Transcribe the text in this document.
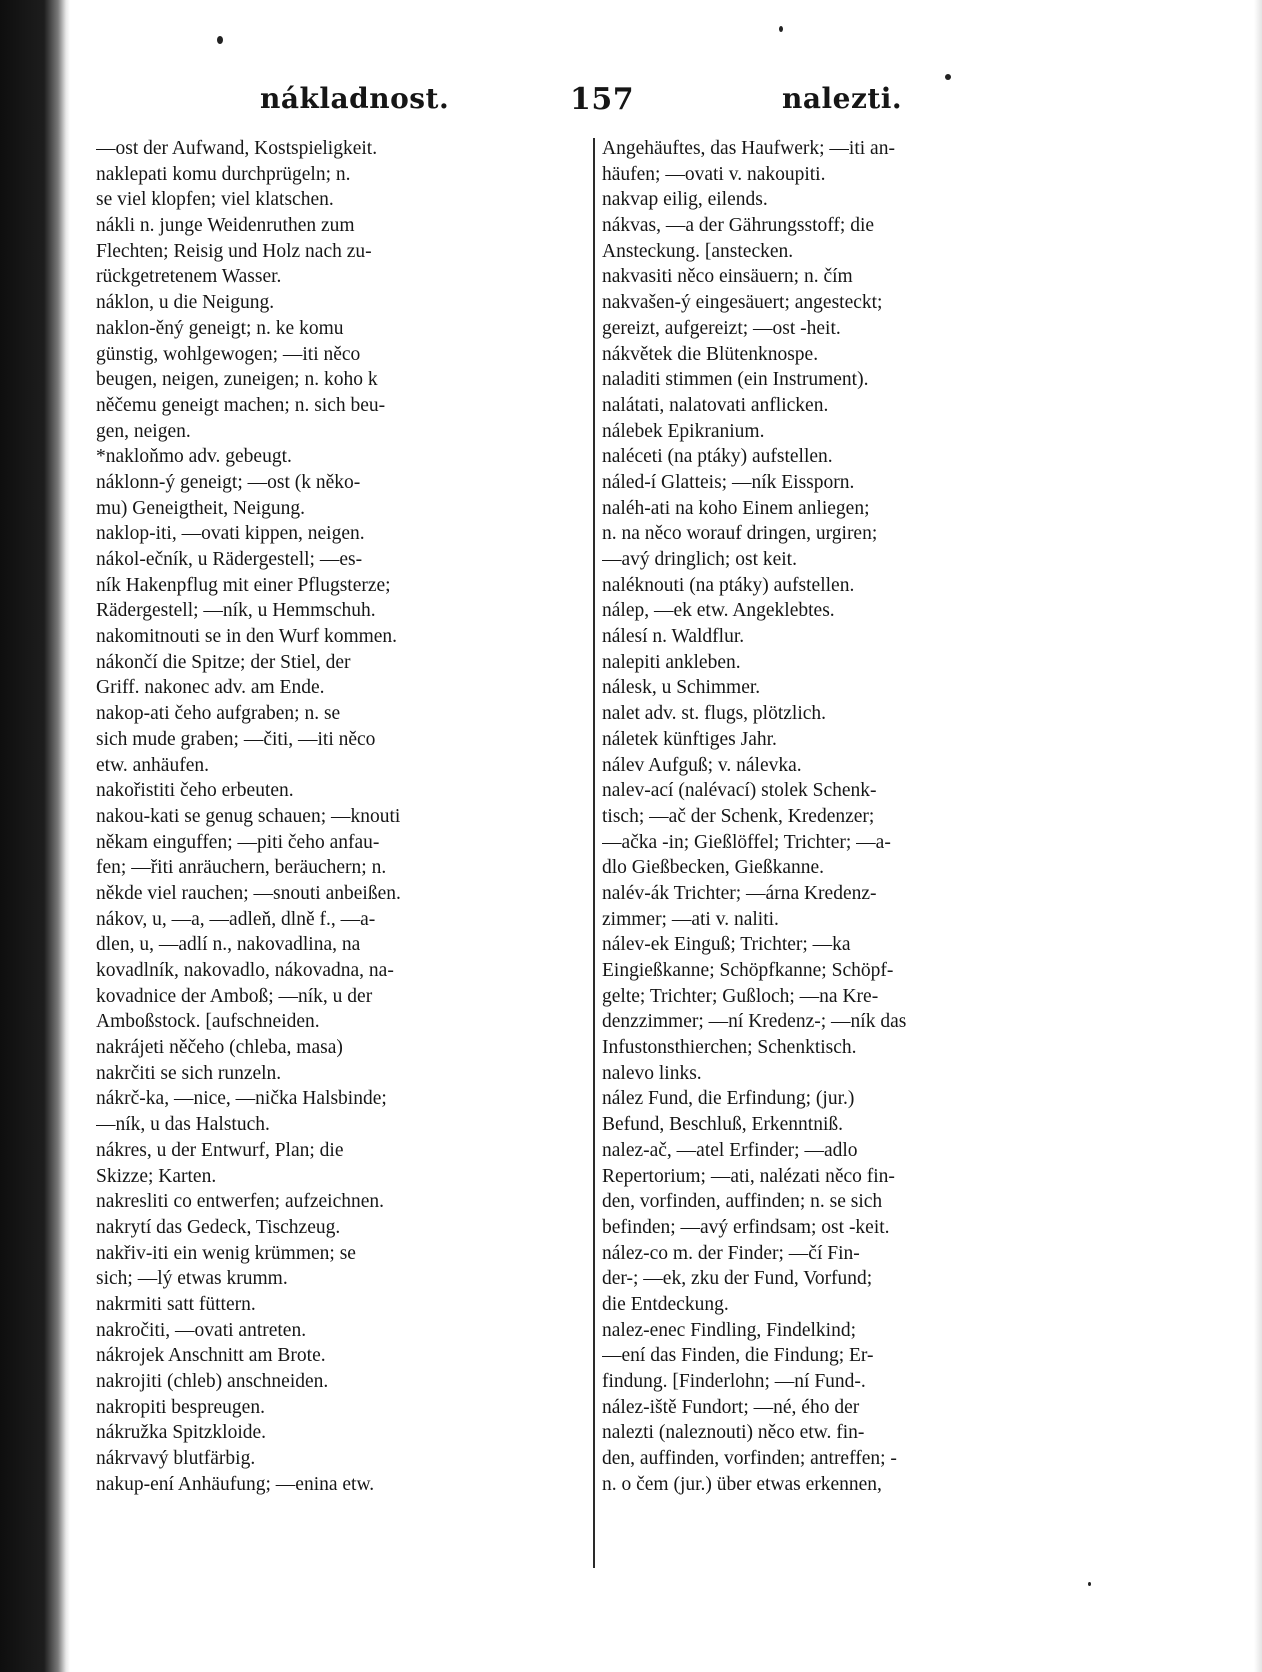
nákladnost.	157	nalezti.
—ost der Aufwand, Kostspieligkeit.
naklepati komu durchprügeln; n.
se viel klopfen; viel klatschen.
nákli n. junge Weidenruthen zum
Flechten; Reisig und Holz nach zu-
rückgetretenem Wasser.
náklon, u die Neigung.
naklon-ěný geneigt; n. ke komu
günstig, wohlgewogen; —iti něco
beugen, neigen, zuneigen; n. koho k
něčemu geneigt machen; n. sich beu-
gen, neigen.
*nakloňmo adv. gebeugt.
náklonn-ý geneigt; —ost (k něko-
mu) Geneigtheit, Neigung.
naklop-iti, —ovati kippen, neigen.
nákol-ečník, u Rädergestell; —es-
ník Hakenpflug mit einer Pflugsterze;
Rädergestell; —ník, u Hemmschuh.
nakomitnouti se in den Wurf kommen.
nákončí die Spitze; der Stiel, der
Griff. nakonec adv. am Ende.
nakop-ati čeho aufgraben; n. se
sich mude graben; —čiti, —iti něco
etw. anhäufen.
nakořistiti čeho erbeuten.
nakou-kati se genug schauen; —knouti
někam einguffen; —piti čeho anfau-
fen; —řiti anräuchern, beräuchern; n.
někde viel rauchen; —snouti anbeißen.
nákov, u, —a, —adleň, dlně f., —a-
dlen, u, —adlí n., nakovadlina, na
kovadlník, nakovadlo, nákovadna, na-
kovadnice der Amboß; —ník, u der
Amboßstock. [aufschneiden.
nakrájeti něčeho (chleba, masa)
nakrčiti se sich runzeln.
nákrč-ka, —nice, —nička Halsbinde;
—ník, u das Halstuch.
nákres, u der Entwurf, Plan; die
Skizze; Karten.
nakresliti co entwerfen; aufzeichnen.
nakrytí das Gedeck, Tischzeug.
nakřiv-iti ein wenig krümmen; se
sich; —lý etwas krumm.
nakrmiti satt füttern.
nakročiti, —ovati antreten.
nákrojek Anschnitt am Brote.
nakrojiti (chleb) anschneiden.
nakropiti bespreugen.
nákružka Spitzkloide.
nákrvavý blutfärbig.
nakup-ení Anhäufung; —enina etw.
Angehäuftes, das Haufwerk; —iti an-
häufen; —ovati v. nakoupiti.
nakvap eilig, eilends.
nákvas, —a der Gährungsstoff; die
Ansteckung. [anstecken.
nakvasiti něco einsäuern; n. čím
nakvašen-ý eingesäuert; angesteckt;
gereizt, aufgereizt; —ost -heit.
nákvětek die Blütenknospe.
naladiti stimmen (ein Instrument).
nalátati, nalatovati anflicken.
nálebek Epikranium.
naléceti (na ptáky) aufstellen.
náled-í Glatteis; —ník Eissporn.
naléh-ati na koho Einem anliegen;
n. na něco worauf dringen, urgiren;
—avý dringlich; ost keit.
naléknouti (na ptáky) aufstellen.
nálep, —ek etw. Angeklebtes.
nálesí n. Waldflur.
nalepiti ankleben.
nálesk, u Schimmer.
nalet adv. st. flugs, plötzlich.
náletek künftiges Jahr.
nálev Aufguß; v. nálevka.
nalev-ací (nalévací) stolek Schenk-
tisch; —ač der Schenk, Kredenzer;
—ačka -in; Gießlöffel; Trichter; —a-
dlo Gießbecken, Gießkanne.
nalév-ák Trichter; —árna Kredenz-
zimmer; —ati v. naliti.
nálev-ek Einguß; Trichter; —ka
Eingießkanne; Schöpfkanne; Schöpf-
gelte; Trichter; Gußloch; —na Kre-
denzzimmer; —ní Kredenz-; —ník das
Infustonsthierchen; Schenktisch.
nalevo links.
nález Fund, die Erfindung; (jur.)
Befund, Beschluß, Erkenntniß.
nalez-ač, —atel Erfinder; —adlo
Repertorium; —ati, nalézati něco fin-
den, vorfinden, auffinden; n. se sich
befinden; —avý erfindsam; ost -keit.
nález-co m. der Finder; —čí Fin-
der-; —ek, zku der Fund, Vorfund;
die Entdeckung.
nalez-enec Findling, Findelkind;
—ení das Finden, die Findung; Er-
findung. [Finderlohn; —ní Fund-.
nález-iště Fundort; —né, ého der
nalezti (naleznouti) něco etw. fin-
den, auffinden, vorfinden; antreffen; -
n. o čem (jur.) über etwas erkennen,
